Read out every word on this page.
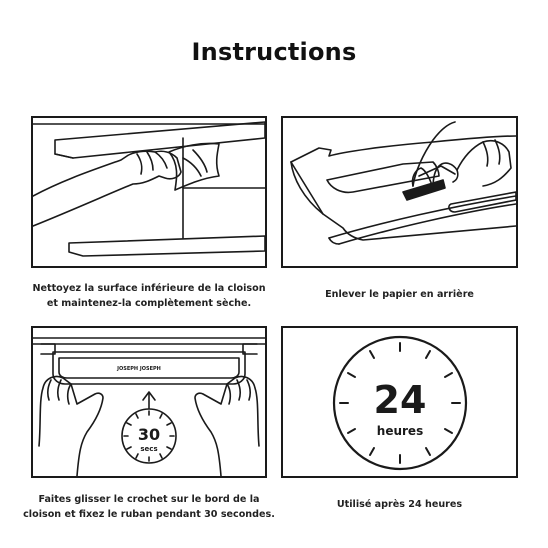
Instructions
Nettoyez la surface inférieure de la cloison
et maintenez-la complètement sèche.
Enlever le papier en arrière
JOSEPH JOSEPH
30
secs
Faites glisser le crochet sur le bord de la
cloison et fixez le ruban pendant 30 secondes.
24
heures
Utilisé après 24 heures
